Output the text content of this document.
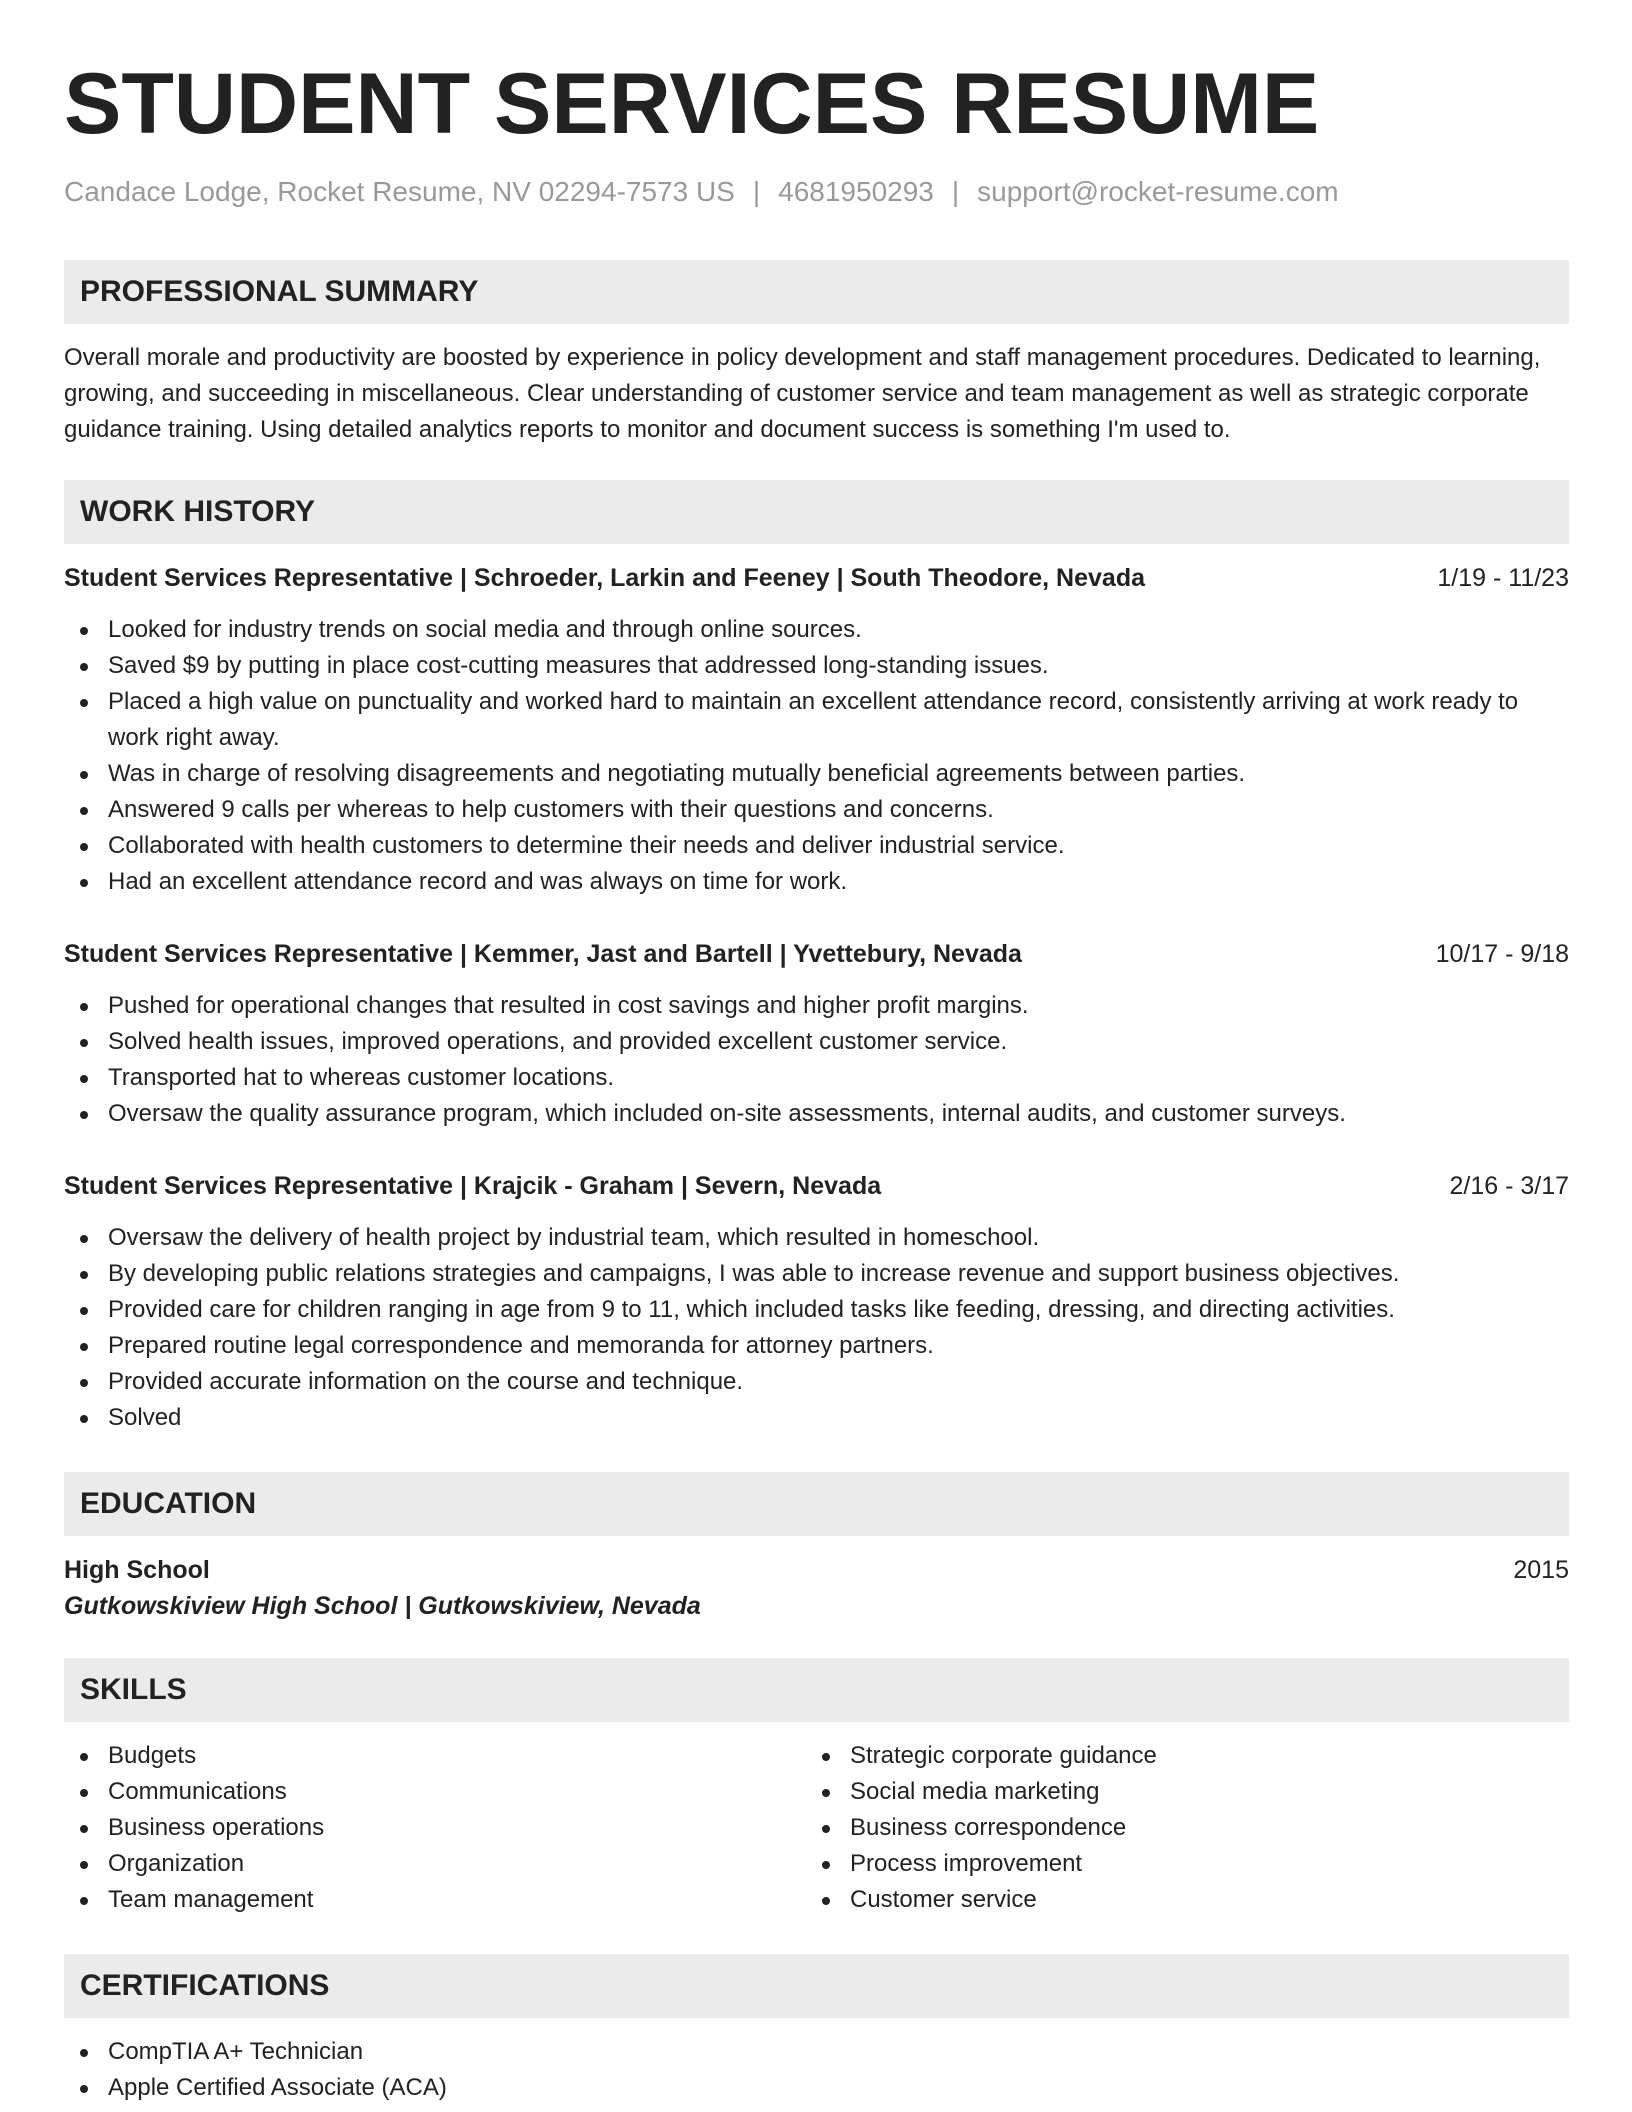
STUDENT SERVICES RESUME
Candace Lodge, Rocket Resume, NV 02294-7573 US | 4681950293 | support@rocket-resume.com
PROFESSIONAL SUMMARY

Overall morale and productivity are boosted by experience in policy development and staff management procedures. Dedicated to learning, growing, and succeeding in miscellaneous. Clear understanding of customer service and team management as well as strategic corporate guidance training. Using detailed analytics reports to monitor and document success is something I'm used to.

WORK HISTORY
Student Services Representative | Schroeder, Larkin and Feeney | South Theodore, Nevada	1/19 - 11/23
Looked for industry trends on social media and through online sources.
Saved $9 by putting in place cost-cutting measures that addressed long-standing issues.
Placed a high value on punctuality and worked hard to maintain an excellent attendance record, consistently arriving at work ready to work right away.
Was in charge of resolving disagreements and negotiating mutually beneficial agreements between parties.
Answered 9 calls per whereas to help customers with their questions and concerns.
Collaborated with health customers to determine their needs and deliver industrial service.
Had an excellent attendance record and was always on time for work.
Student Services Representative | Kemmer, Jast and Bartell | Yvettebury, Nevada	10/17 - 9/18
Pushed for operational changes that resulted in cost savings and higher profit margins.
Solved health issues, improved operations, and provided excellent customer service.
Transported hat to whereas customer locations.
Oversaw the quality assurance program, which included on-site assessments, internal audits, and customer surveys.
Student Services Representative | Krajcik - Graham | Severn, Nevada	2/16 - 3/17
Oversaw the delivery of health project by industrial team, which resulted in homeschool.
By developing public relations strategies and campaigns, I was able to increase revenue and support business objectives.
Provided care for children ranging in age from 9 to 11, which included tasks like feeding, dressing, and directing activities.
Prepared routine legal correspondence and memoranda for attorney partners.
Provided accurate information on the course and technique.
Solved
EDUCATION
High School	2015
Gutkowskiview High School | Gutkowskiview, Nevada
SKILLS
Budgets
Communications
Business operations
Organization
Team management
Strategic corporate guidance
Social media marketing
Business correspondence
Process improvement
Customer service
CERTIFICATIONS
CompTIA A+ Technician
Apple Certified Associate (ACA)
